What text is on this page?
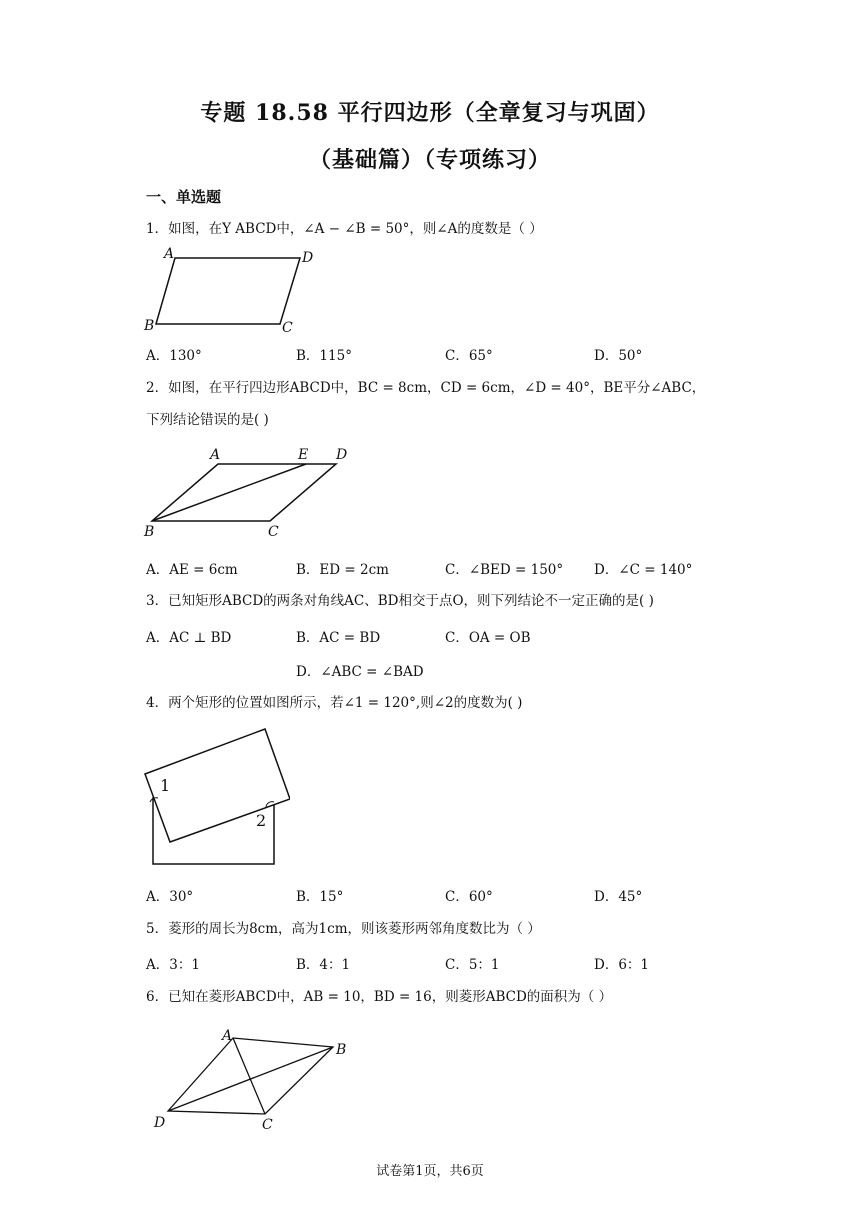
专题 18.58 平行四边形（全章复习与巩固）
（基础篇）（专项练习）
一、单选题
1．如图，在Y ABCD中，∠A − ∠B = 50°，则∠A的度数是（ ）
A	D
B	C
A．130°	B．115°	C．65°	D．50°
2．如图，在平行四边形ABCD中，BC = 8cm，CD = 6cm，∠D = 40°，BE平分∠ABC，
下列结论错误的是( )
A	E D
B	C
A．AE = 6cm	B．ED = 2cm	C．∠BED = 150° D．∠C = 140°
3．已知矩形ABCD的两条对角线AC、BD相交于点O，则下列结论不一定正确的是( )
A．AC ⊥ BD	B．AC = BD	C．OA = OB
D．∠ABC = ∠BAD
4．两个矩形的位置如图所示，若∠1 = 120°,则∠2的度数为( )
1
2
A．30°	B．15°	C．60°	D．45°
5．菱形的周长为8cm，高为1cm，则该菱形两邻角度数比为（ ）
A．3：1	B．4：1	C．5：1	D．6：1
6．已知在菱形ABCD中，AB = 10，BD = 16，则菱形ABCD的面积为（ ）
A
B
D	C
试卷第1页，共6页
